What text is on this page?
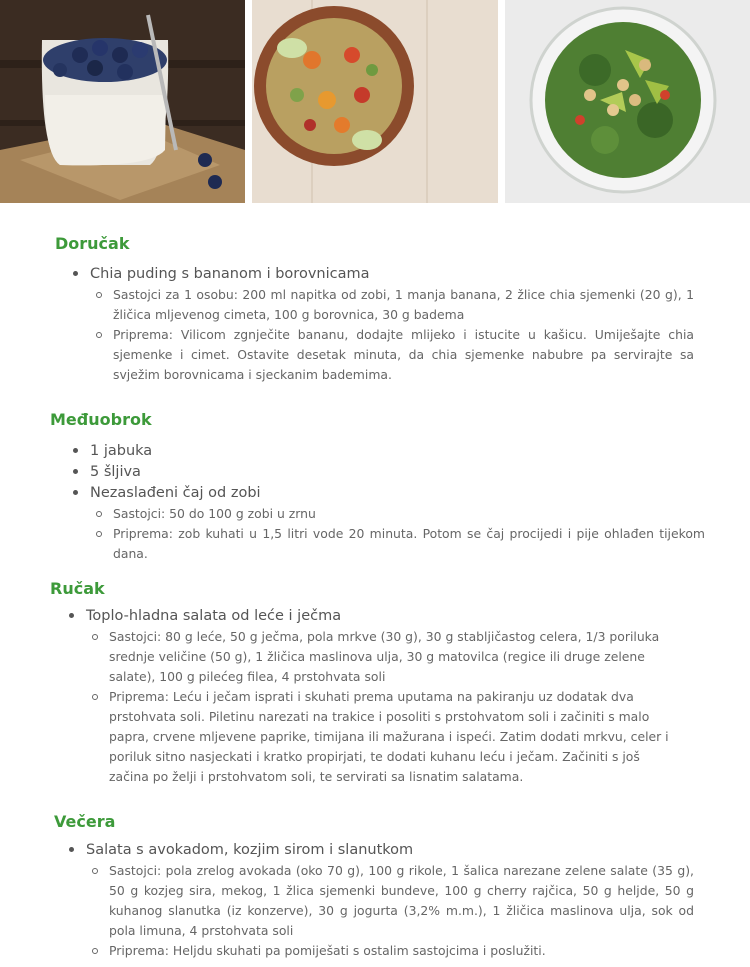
Doručak

Chia puding s bananom i borovnicama

Sastojci za 1 osobu: 200 ml napitka od zobi, 1 manja banana, 2 žlice chia sjemenki (20 g), 1 žličica mljevenog cimeta, 100 g borovnica, 30 g badema
Priprema: Vilicom zgnječite bananu, dodajte mlijeko i istucite u kašicu. Umiješajte chia sjemenke i cimet. Ostavite desetak minuta, da chia sjemenke nabubre pa servirajte sa svježim borovnicama i sjeckanim bademima.
Međuobrok

1 jabuka

5 šljiva

Nezaslađeni čaj od zobi

Sastojci: 50 do 100 g zobi u zrnu
Priprema: zob kuhati u 1,5 litri vode 20 minuta. Potom se čaj procijedi i pije ohlađen tijekom dana.
Ručak

Toplo-hladna salata od leće i ječma

Sastojci: 80 g leće, 50 g ječma, pola mrkve (30 g), 30 g stabljičastog celera, 1/3 poriluka srednje veličine (50 g), 1 žličica maslinova ulja, 30 g matovilca (regice ili druge zelene salate), 100 g pilećeg filea, 4 prstohvata soli
Priprema: Leću i ječam isprati i skuhati prema uputama na pakiranju uz dodatak dva prstohvata soli. Piletinu narezati na trakice i posoliti s prstohvatom soli i začiniti s malo papra, crvene mljevene paprike, timijana ili mažurana i ispeći. Zatim dodati mrkvu, celer i poriluk sitno nasjeckati i kratko propirjati, te dodati kuhanu leću i ječam. Začiniti s još začina po želji i prstohvatom soli, te servirati sa lisnatim salatama.
Večera

Salata s avokadom, kozjim sirom i slanutkom

Sastojci: pola zrelog avokada (oko 70 g), 100 g rikole, 1 šalica narezane zelene salate (35 g), 50 g kozjeg sira, mekog, 1 žlica sjemenki bundeve, 100 g cherry rajčica, 50 g heljde, 50 g kuhanog slanutka (iz konzerve), 30 g jogurta (3,2% m.m.), 1 žličica maslinova ulja, sok od pola limuna, 4 prstohvata soli
Priprema: Heljdu skuhati pa pomiješati s ostalim sastojcima i poslužiti.
